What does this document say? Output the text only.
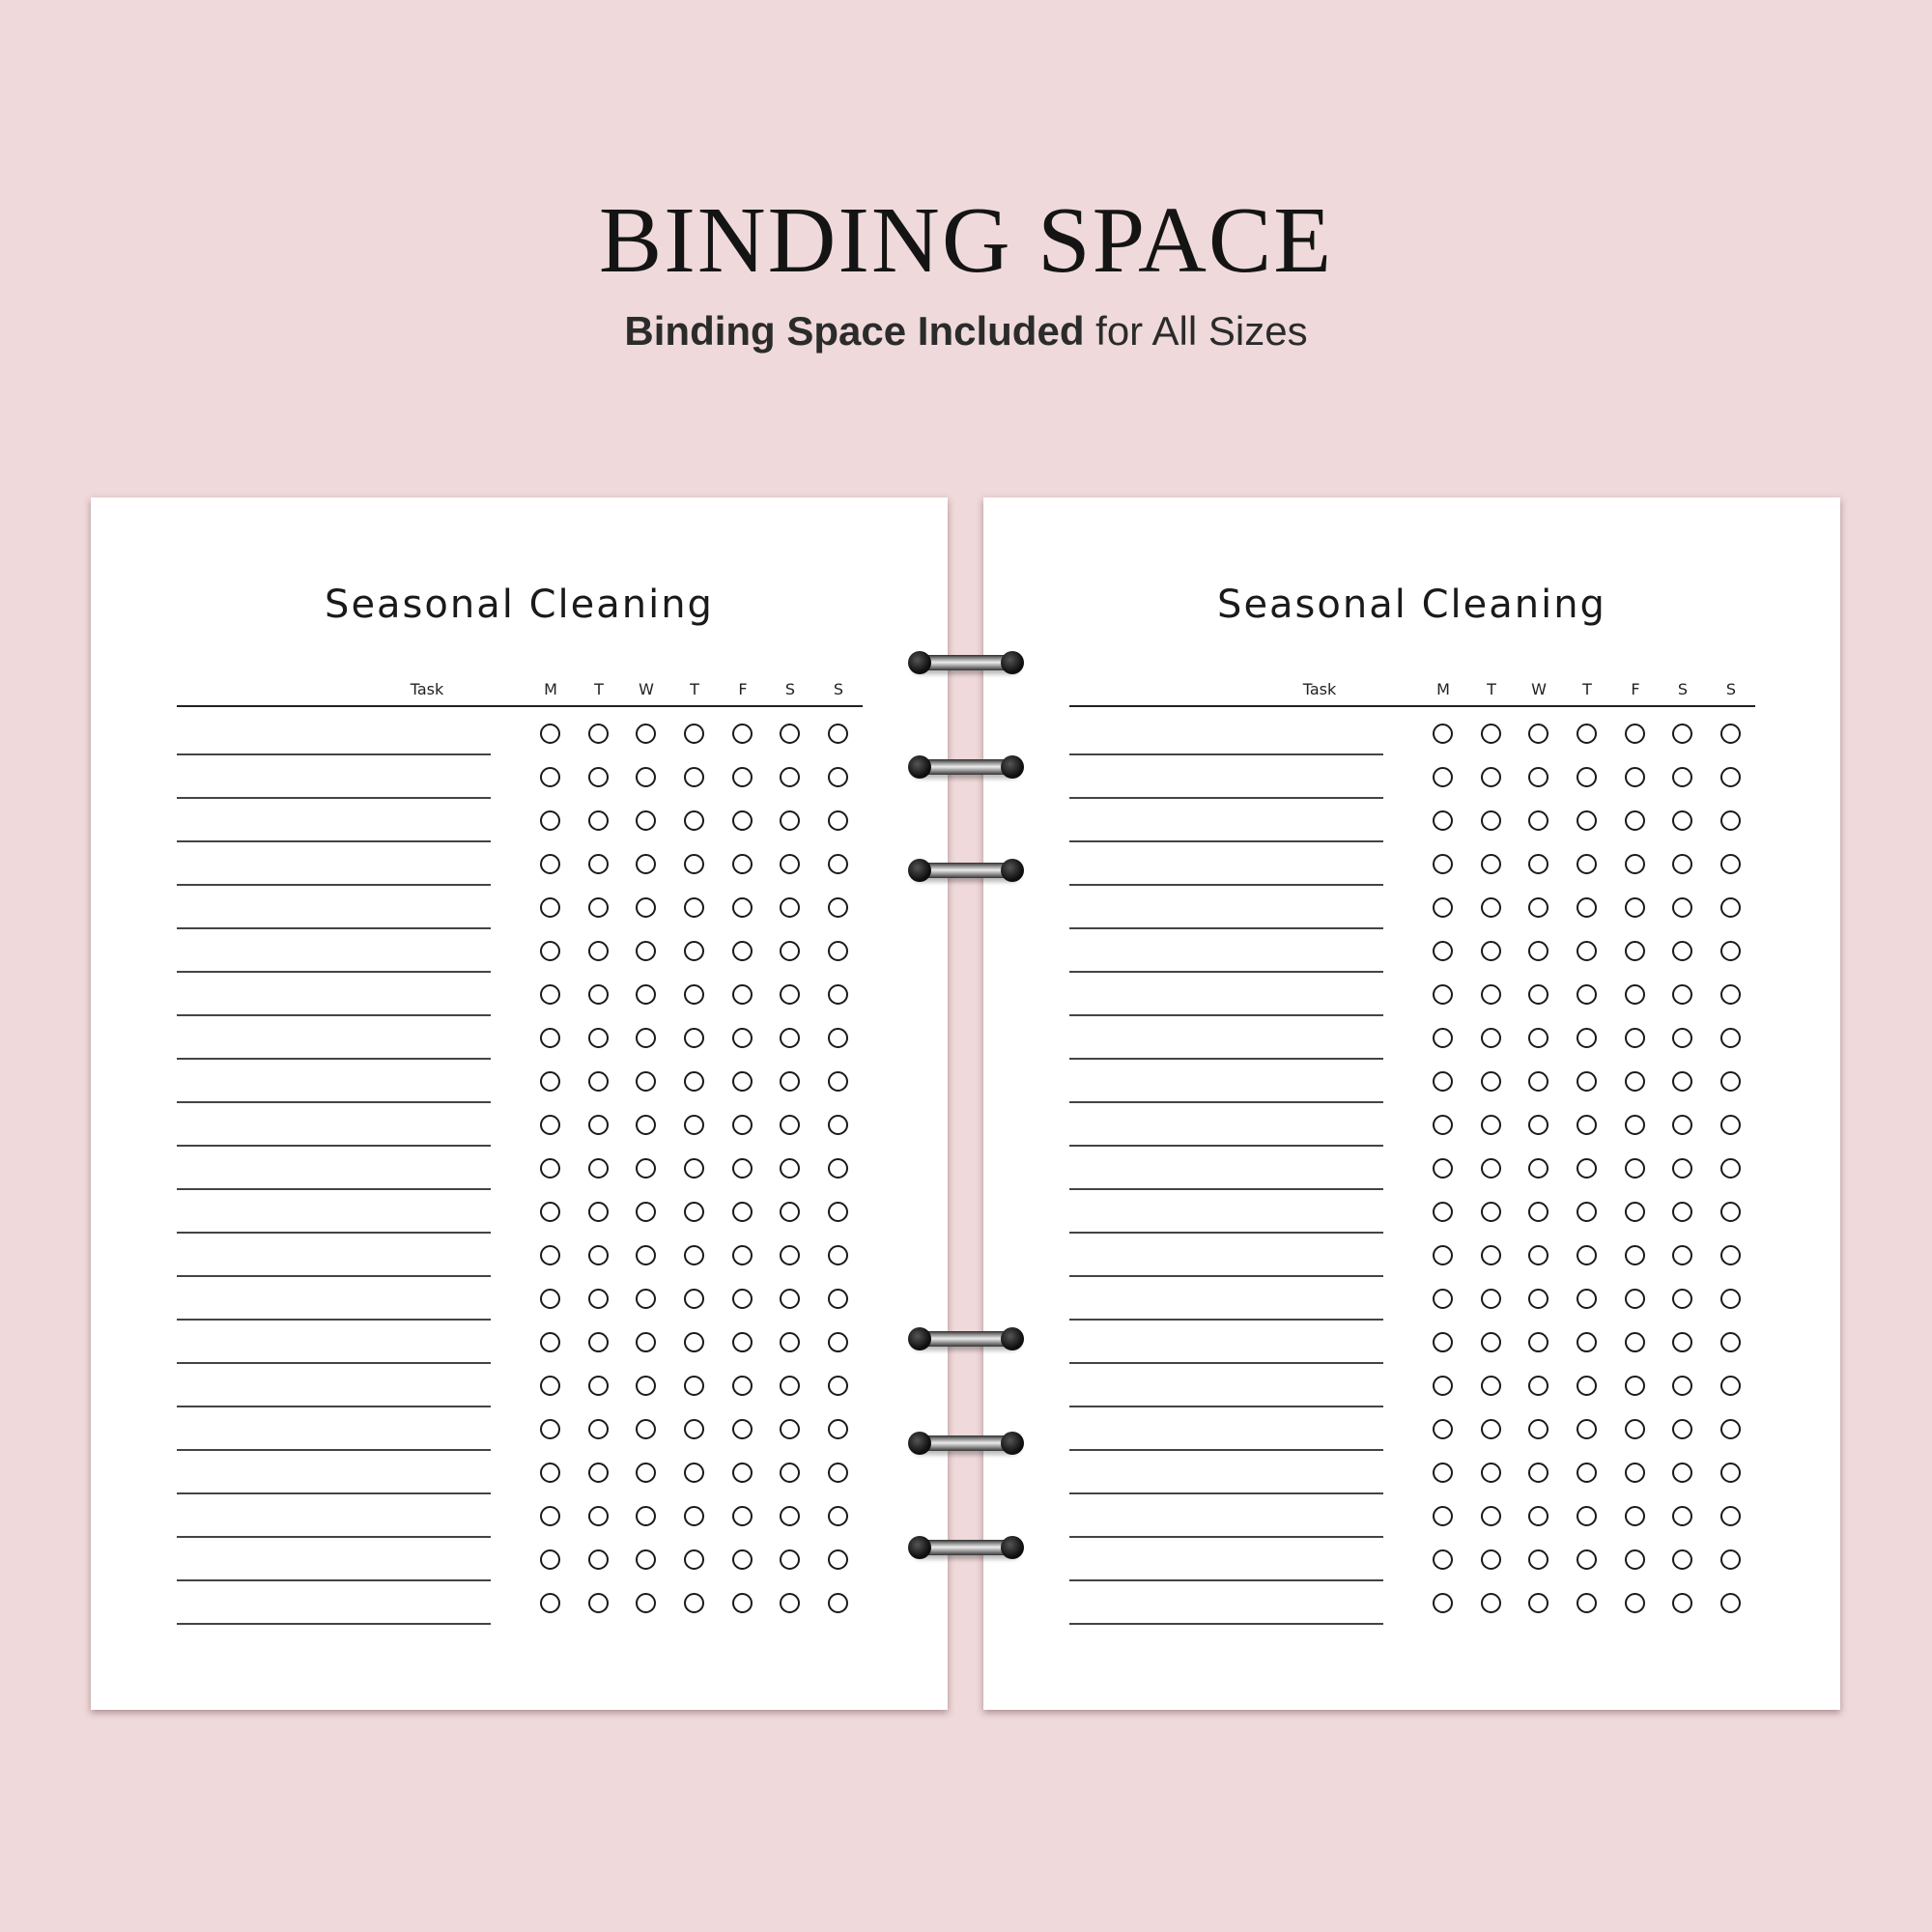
BINDING SPACE
Binding Space Included for All Sizes
Seasonal Cleaning
Task	M	T	W	T	F	S	S
Seasonal Cleaning
Task	M	T	W	T	F	S	S
